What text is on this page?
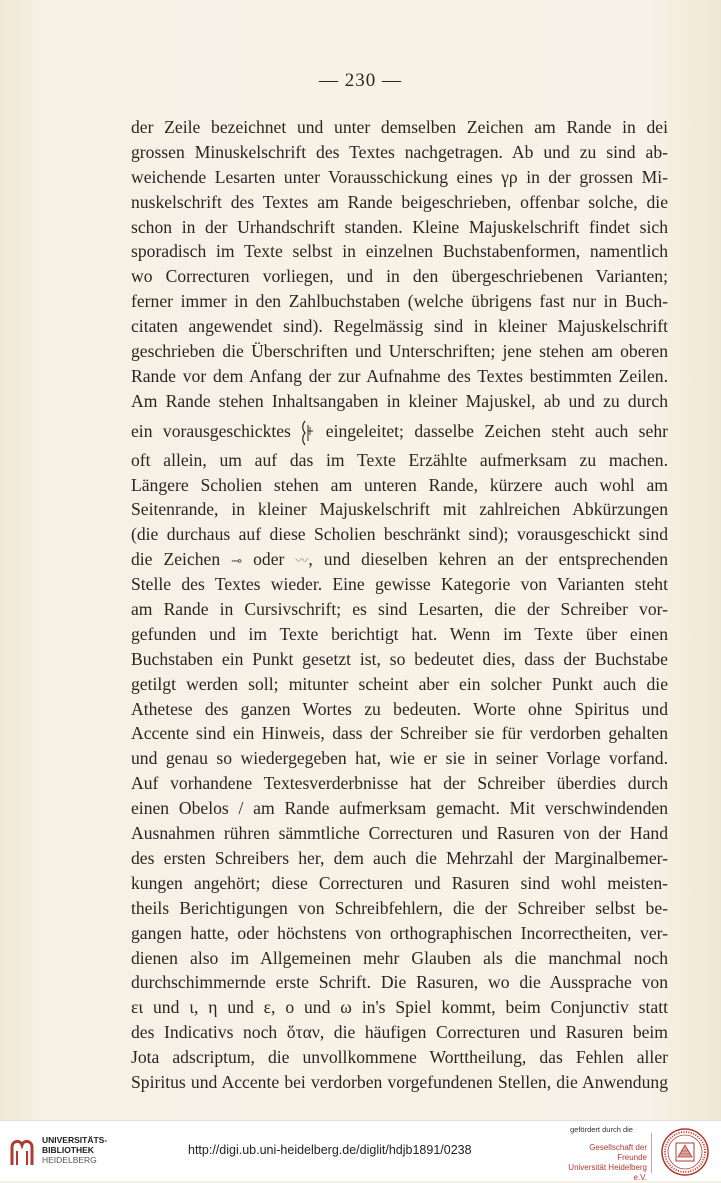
— 230 —
der Zeile bezeichnet und unter demselben Zeichen am Rande in dei
grossen Minuskelschrift des Textes nachgetragen. Ab und zu sind ab-
weichende Lesarten unter Vorausschickung eines γρ in der grossen Mi-
nuskelschrift des Textes am Rande beigeschrieben, offenbar solche, die
schon in der Urhandschrift standen. Kleine Majuskelschrift findet sich
sporadisch im Texte selbst in einzelnen Buchstabenformen, namentlich
wo Correcturen vorliegen, und in den übergeschriebenen Varianten;
ferner immer in den Zahlbuchstaben (welche übrigens fast nur in Buch-
citaten angewendet sind). Regelmässig sind in kleiner Majuskelschrift
geschrieben die Überschriften und Unterschriften; jene stehen am oberen
Rande vor dem Anfang der zur Aufnahme des Textes bestimmten Zeilen.
Am Rande stehen Inhaltsangaben in kleiner Majuskel, ab und zu durch
ein vorausgeschicktes eingeleitet; dasselbe Zeichen steht auch sehr
oft allein, um auf das im Texte Erzählte aufmerksam zu machen.
Längere Scholien stehen am unteren Rande, kürzere auch wohl am
Seitenrande, in kleiner Majuskelschrift mit zahlreichen Abkürzungen
(die durchaus auf diese Scholien beschränkt sind); vorausgeschickt sind
die Zeichen ⊸ oder 〰, und dieselben kehren an der entsprechenden
Stelle des Textes wieder. Eine gewisse Kategorie von Varianten steht
am Rande in Cursivschrift; es sind Lesarten, die der Schreiber vor-
gefunden und im Texte berichtigt hat. Wenn im Texte über einen
Buchstaben ein Punkt gesetzt ist, so bedeutet dies, dass der Buchstabe
getilgt werden soll; mitunter scheint aber ein solcher Punkt auch die
Athetese des ganzen Wortes zu bedeuten. Worte ohne Spiritus und
Accente sind ein Hinweis, dass der Schreiber sie für verdorben gehalten
und genau so wiedergegeben hat, wie er sie in seiner Vorlage vorfand.
Auf vorhandene Textesverderbnisse hat der Schreiber überdies durch
einen Obelos / am Rande aufmerksam gemacht. Mit verschwindenden
Ausnahmen rühren sämmtliche Correcturen und Rasuren von der Hand
des ersten Schreibers her, dem auch die Mehrzahl der Marginalbemer-
kungen angehört; diese Correcturen und Rasuren sind wohl meisten-
theils Berichtigungen von Schreibfehlern, die der Schreiber selbst be-
gangen hatte, oder höchstens von orthographischen Incorrectheiten, ver-
dienen also im Allgemeinen mehr Glauben als die manchmal noch
durchschimmernde erste Schrift. Die Rasuren, wo die Aussprache von
ει und ι, η und ε, ο und ω in's Spiel kommt, beim Conjunctiv statt
des Indicativs noch ὅταν, die häufigen Correcturen und Rasuren beim
Jota adscriptum, die unvollkommene Worttheilung, das Fehlen aller
Spiritus und Accente bei verdorben vorgefundenen Stellen, die Anwendung
UNIVERSITÄTS-
BIBLIOTHEK
HEIDELBERG
http://digi.ub.uni-heidelberg.de/diglit/hdjb1891/0238
gefördert durch die
Gesellschaft der Freunde
Universität Heidelberg e.V.
